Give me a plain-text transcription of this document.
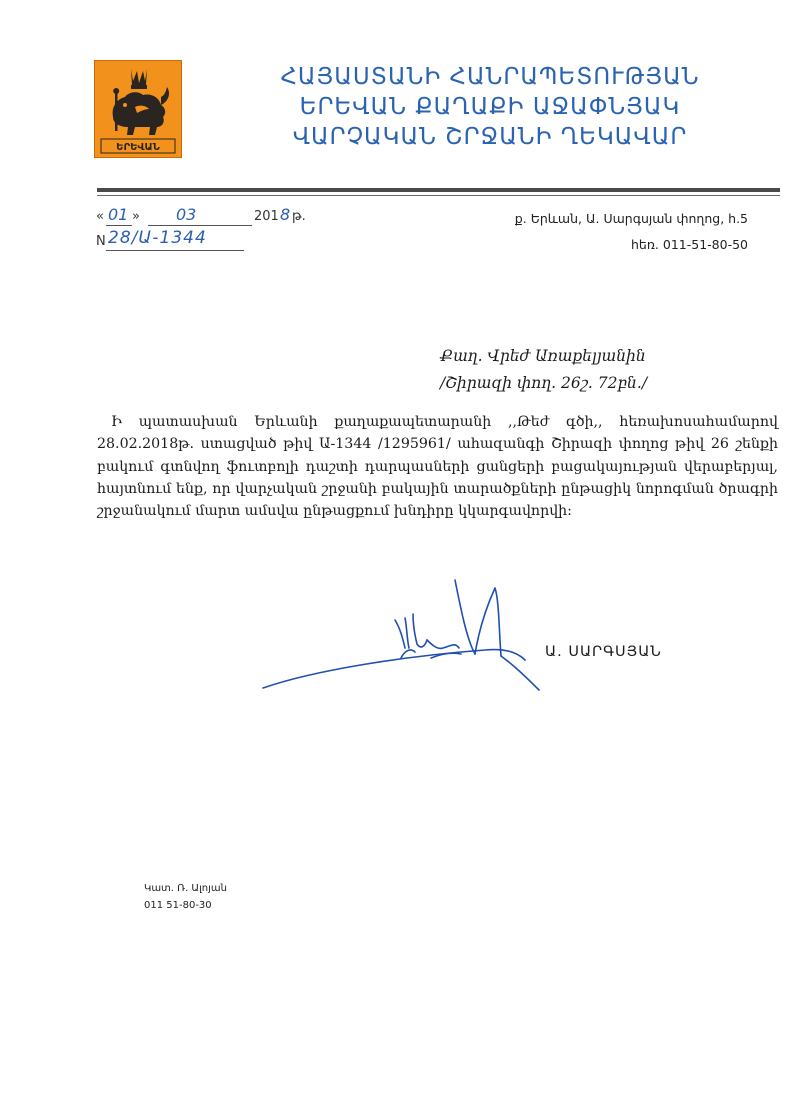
ԵՐԵՎԱՆ
ՀԱՅԱՍՏԱՆԻ ՀԱՆՐԱՊԵՏՈՒԹՅԱՆ
ԵՐԵՎԱՆ ՔԱՂԱՔԻ ԱՋԱՓՆՅԱԿ
ՎԱՐՉԱԿԱՆ ՇՐՋԱՆԻ ՂԵԿԱՎԱՐ
« 01 » 03	201 8 թ.
N 28/Ա-1344
ք. Երևան, Ա. Սարգսյան փողոց, հ.5
հեռ. 011-51-80-50
Քաղ. Վրեժ Առաքելյանին
/Շիրազի փող. 26շ. 72բն./
Ի պատասխան Երևանի քաղաքապետարանի ,,Թեժ գծի,, հեռախոսահամարով 28.02.2018թ. ստացված թիվ Ա-1344 /1295961/ ահազանգի Շիրազի փողոց թիվ 26 շենքի բակում գտնվող ֆուտբոլի դաշտի դարպասների ցանցերի բացակայության վերաբերյալ, հայտնում ենք, որ վարչական շրջանի բակային տարածքների ընթացիկ նորոգման ծրագրի շրջանակում մարտ ամսվա ընթացքում խնդիրը կկարգավորվի:
Ա. ՍԱՐԳՍՅԱՆ
Կատ. Ռ. Ալոյան
011 51-80-30
